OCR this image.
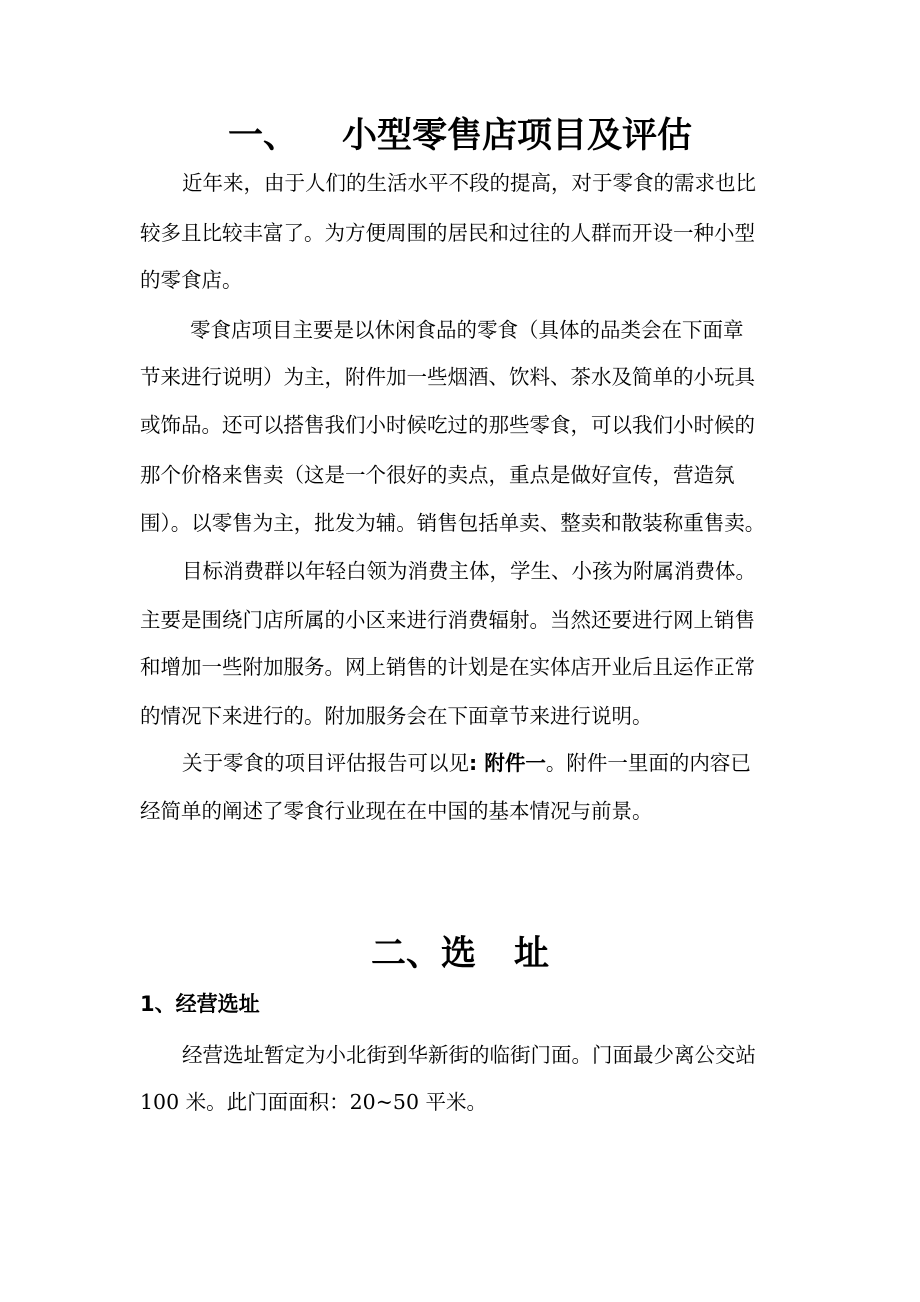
一、 小型零售店项目及评估
近年来，由于人们的生活水平不段的提高，对于零食的需求也比
较多且比较丰富了。为方便周围的居民和过往的人群而开设一种小型
的零食店。
零食店项目主要是以休闲食品的零食（具体的品类会在下面章
节来进行说明）为主，附件加一些烟酒、饮料、茶水及简单的小玩具
或饰品。还可以搭售我们小时候吃过的那些零食，可以我们小时候的
那个价格来售卖（这是一个很好的卖点，重点是做好宣传，营造氛
围）。以零售为主，批发为辅。销售包括单卖、整卖和散装称重售卖。
目标消费群以年轻白领为消费主体，学生、小孩为附属消费体。
主要是围绕门店所属的小区来进行消费辐射。当然还要进行网上销售
和增加一些附加服务。网上销售的计划是在实体店开业后且运作正常
的情况下来进行的。附加服务会在下面章节来进行说明。
关于零食的项目评估报告可以见: 附件一。附件一里面的内容已
经简单的阐述了零食行业现在在中国的基本情况与前景。
二、选 址
1、经营选址
经营选址暂定为小北街到华新街的临街门面。门面最少离公交站
100 米。此门面面积：20~50 平米。
